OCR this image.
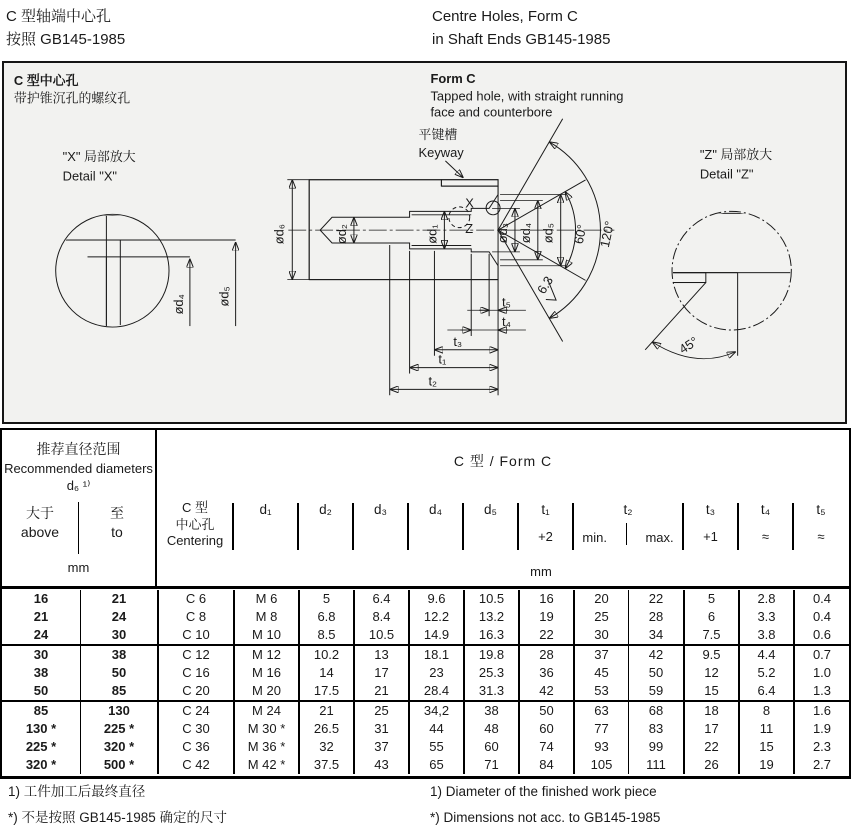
C 型轴端中心孔
按照 GB145-1985
Centre Holes, Form C
in Shaft Ends GB145-1985
C 型中心孔
带护锥沉孔的螺纹孔
Form C
Tapped hole, with straight running
face and counterbore
平键槽
Keyway
"X" 局部放大
Detail "X"
"Z" 局部放大
Detail "Z"
ød₆	ød₂	ød₁	ød₃ ød₄ ød₅ 60° 120°
6.3
X
Z
t₅
t₄
t₃
t₁
t₂
ød₄ ød₅
45°
推荐直径范围
Recommended diameters
d₆ ¹⁾
大于
above
至
to
mm
C 型 / Form C
C 型
中心孔
Centering
d₁	d₂	d₃	d₄	d₅	t₁
+2
t₂
min.	max.
t₃
+1
t₄
≈
t₅
≈
mm
16	21	C 6	M 6	5	6.4	9.6	10.5	16	20	22	5	2.8	0.4
21	24	C 8	M 8	6.8	8.4	12.2	13.2	19	25	28	6	3.3	0.4
24	30	C 10	M 10	8.5	10.5	14.9	16.3	22	30	34	7.5	3.8	0.6
30	38	C 12	M 12	10.2	13	18.1	19.8	28	37	42	9.5	4.4	0.7
38	50	C 16	M 16	14	17	23	25.3	36	45	50	12	5.2	1.0
50	85	C 20	M 20	17.5	21	28.4	31.3	42	53	59	15	6.4	1.3
85	130	C 24	M 24	21	25	34,2	38	50	63	68	18	8	1.6
130 *	225 *	C 30	M 30 *	26.5	31	44	48	60	77	83	17	11	1.9
225 *	320 *	C 36	M 36 *	32	37	55	60	74	93	99	22	15	2.3
320 *	500 *	C 42	M 42 *	37.5	43	65	71	84	105	111	26	19	2.7
1) 工件加工后最终直径
*) 不是按照 GB145-1985 确定的尺寸
1) Diameter of the finished work piece
*) Dimensions not acc. to GB145-1985
